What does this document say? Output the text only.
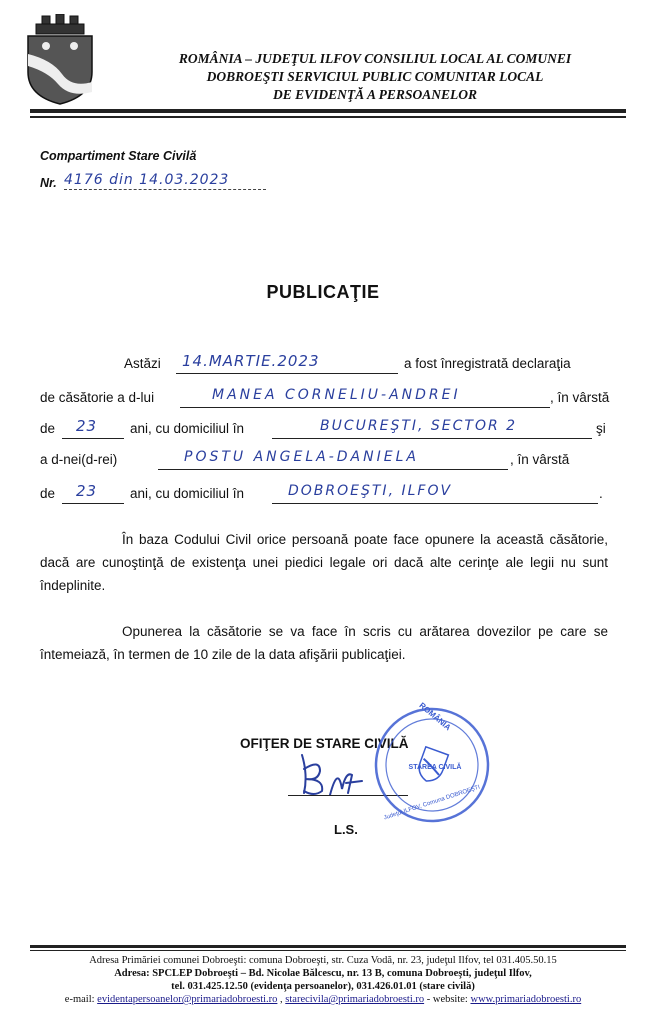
ROMÂNIA – JUDEŢUL ILFOV CONSILIUL LOCAL AL COMUNEI
DOBROEŞTI SERVICIUL PUBLIC COMUNITAR LOCAL
DE EVIDENŢĂ A PERSOANELOR
Compartiment Stare Civilă
Nr. 4176 din 14.03.2023
PUBLICAŢIE
Astăzi	14.MARTIE.2023	a fost înregistrată declaraţia
de căsătorie a d-lui	MANEA CORNELIU-ANDREI	, în vârstă
de	23	ani, cu domiciliul în	BUCUREŞTI, SECTOR 2	şi
a d-nei(d-rei)	POSTU ANGELA-DANIELA	, în vârstă
de	23	ani, cu domiciliul în	DOBROEŞTI, ILFOV	.
În baza Codului Civil orice persoană poate face opunere la această căsătorie, dacă are cunoştinţă de existenţa unei piedici legale ori dacă alte cerinţe ale legii nu sunt îndeplinite.
Opunerea la căsătorie se va face în scris cu arătarea dovezilor pe care se întemeiază, în termen de 10 zile de la data afişării publicaţiei.
OFIŢER DE STARE CIVILĂ
ROMÂNIA
STAREA CIVILĂ
Judeţul ILFOV, Comuna DOBROEŞTI
L.S.
Adresa Primăriei comunei Dobroeşti: comuna Dobroeşti, str. Cuza Vodă, nr. 23, judeţul Ilfov, tel 031.405.50.15
Adresa: SPCLEP Dobroeşti – Bd. Nicolae Bălcescu, nr. 13 B, comuna Dobroeşti, judeţul Ilfov,
tel. 031.425.12.50 (evidenţa persoanelor), 031.426.01.01 (stare civilă)
e-mail: evidentapersoanelor@primariadobroesti.ro , starecivila@primariadobroesti.ro - website: www.primariadobroesti.ro
